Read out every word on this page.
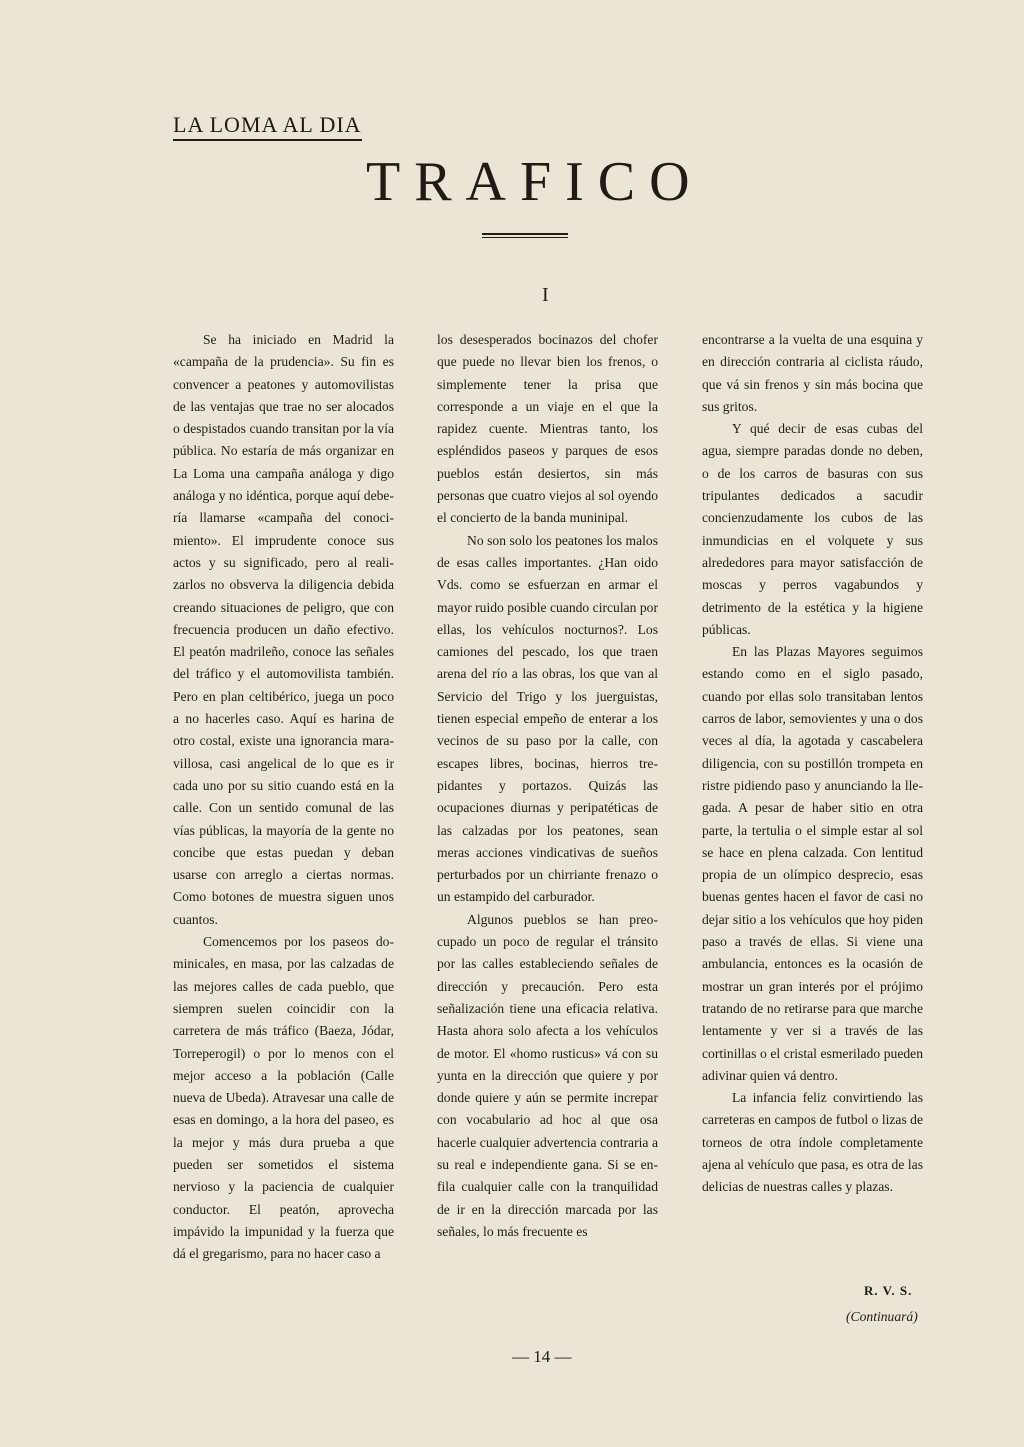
LA LOMA AL DIA
TRAFICO
I

Se ha iniciado en Madrid la «campaña de la prudencia». Su fin es convencer a peatones y automovilistas de las ventajas que trae no ser alocados o despistados cuando transitan por la vía pública. No estaría de más organizar en La Loma una campaña análoga y digo análoga y no idéntica, porque aquí debería llamarse «campaña del conocimiento». El imprudente conoce sus actos y su significado, pero al realizarlos no obsverva la diligencia debida creando situaciones de peligro, que con frecuencia producen un daño efectivo. El peatón madrileño, conoce las señales del tráfico y el automovilista también. Pero en plan celtibérico, juega un poco a no hacerles caso. Aquí es harina de otro costal, existe una ignorancia maravillosa, casi angelical de lo que es ir cada uno por su sitio cuando está en la calle. Con un sentido comunal de las vías públicas, la mayoría de la gente no concibe que estas puedan y deban usarse con arreglo a ciertas normas. Como botones de muestra siguen unos cuantos.

Comencemos por los paseos dominicales, en masa, por las calzadas de las mejores calles de cada pueblo, que siempren suelen coincidir con la carretera de más tráfico (Baeza, Jódar, Torreperogil) o por lo menos con el mejor acceso a la población (Calle nueva de Ubeda). Atravesar una calle de esas en domingo, a la hora del paseo, es la mejor y más dura prueba a que pueden ser sometidos el sistema nervioso y la paciencia de cualquier conductor. El peatón, aprovecha impávido la impunidad y la fuerza que dá el gregarismo, para no hacer caso a

los desesperados bocinazos del chofer que puede no llevar bien los frenos, o simplemente tener la prisa que corresponde a un viaje en el que la rapidez cuente. Mientras tanto, los espléndidos paseos y parques de esos pueblos están desiertos, sin más personas que cuatro viejos al sol oyendo el concierto de la banda muninipal.

No son solo los peatones los malos de esas calles importantes. ¿Han oido Vds. como se esfuerzan en armar el mayor ruido posible cuando circulan por ellas, los vehículos nocturnos?. Los camiones del pescado, los que traen arena del río a las obras, los que van al Servicio del Trigo y los juerguistas, tienen especial empeño de enterar a los vecinos de su paso por la calle, con escapes libres, bocinas, hierros trepidantes y portazos. Quizás las ocupaciones diurnas y peripatéticas de las calzadas por los peatones, sean meras acciones vindicativas de sueños perturbados por un chirriante frenazo o un estampido del carburador.

Algunos pueblos se han preocupado un poco de regular el tránsito por las calles estableciendo señales de dirección y precaución. Pero esta señalización tiene una eficacia relativa. Hasta ahora solo afecta a los vehículos de motor. El «homo rusticus» vá con su yunta en la dirección que quiere y por donde quiere y aún se permite increpar con vocabulario ad hoc al que osa hacerle cualquier advertencia contraria a su real e independiente gana. Si se enfila cualquier calle con la tranquilidad de ir en la dirección marcada por las señales, lo más frecuente es

encontrarse a la vuelta de una esquina y en dirección contraria al ciclista ráudo, que vá sin frenos y sin más bocina que sus gritos.

Y qué decir de esas cubas del agua, siempre paradas donde no deben, o de los carros de basuras con sus tripulantes dedicados a sacudir concienzudamente los cubos de las inmundicias en el volquete y sus alrededores para mayor satisfacción de moscas y perros vagabundos y detrimento de la estética y la higiene públicas.

En las Plazas Mayores seguimos estando como en el siglo pasado, cuando por ellas solo transitaban lentos carros de labor, semovientes y una o dos veces al día, la agotada y cascabelera diligencia, con su postillón trompeta en ristre pidiendo paso y anunciando la llegada. A pesar de haber sitio en otra parte, la tertulia o el simple estar al sol se hace en plena calzada. Con lentitud propia de un olímpico desprecio, esas buenas gentes hacen el favor de casi no dejar sitio a los vehículos que hoy piden paso a través de ellas. Si viene una ambulancia, entonces es la ocasión de mostrar un gran interés por el prójimo tratando de no retirarse para que marche lentamente y ver si a través de las cortinillas o el cristal esmerilado pueden adivinar quien vá dentro.

La infancia feliz convirtiendo las carreteras en campos de futbol o lizas de torneos de otra índole completamente ajena al vehículo que pasa, es otra de las delicias de nuestras calles y plazas.

R. V. S.
(Continuará)
— 14 —
